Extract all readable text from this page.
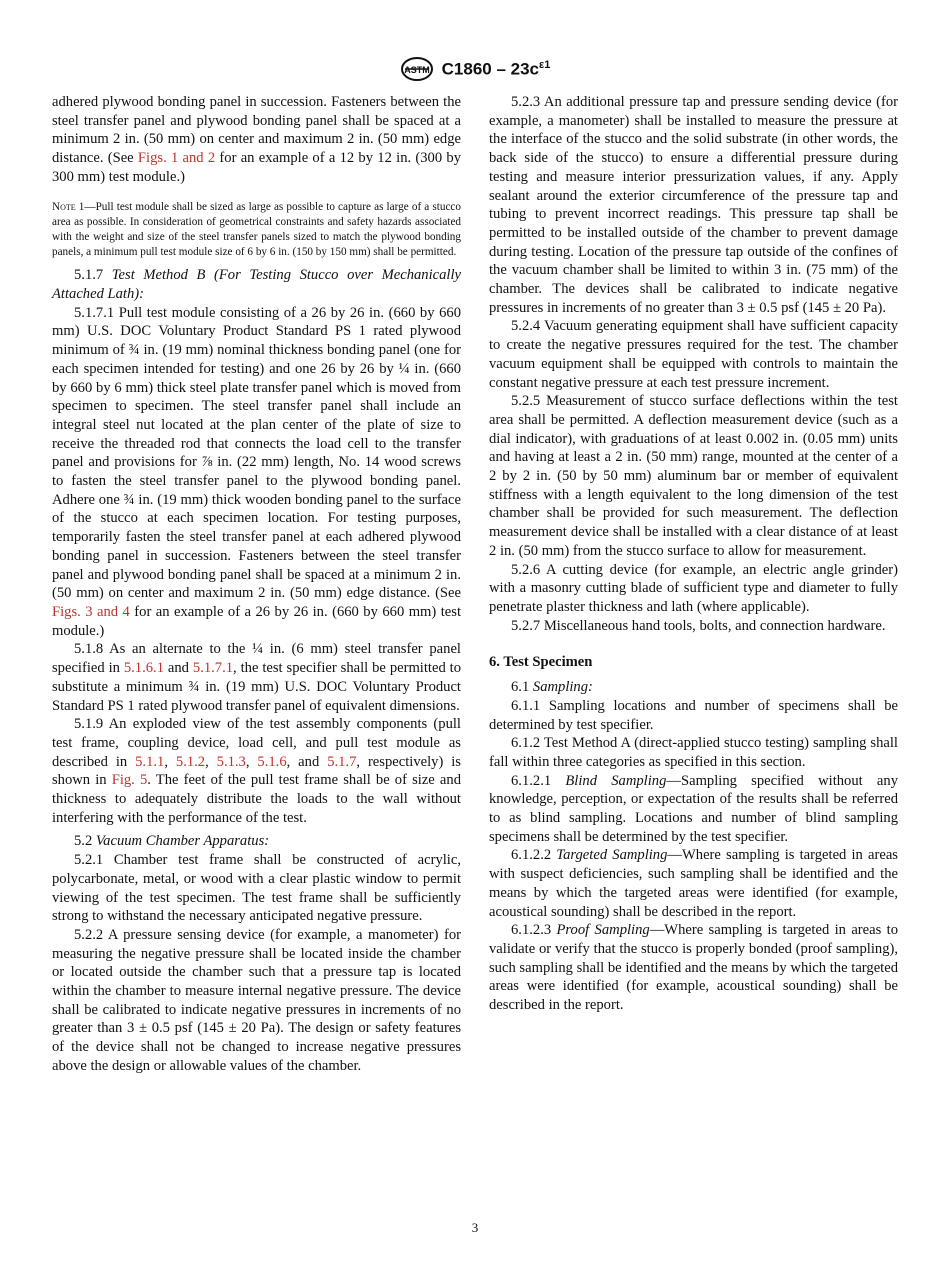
ASTM $C1860 - 23c^{\varepsilon 1}$

adhered plywood bonding panel in succession. Fasteners between the steel transfer panel and plywood bonding panel shall be spaced at a minimum 2 in. (50 mm) on center and maximum 2 in. (50 mm) edge distance. (See Figs. 1 and 2 for an example of a 12 by 12 in. (300 by 300 mm) test module.)

Note 1—Pull test module shall be sized as large as possible to capture as large of a stucco area as possible. In consideration of geometrical constraints and safety hazards associated with the weight and size of the steel transfer panels sized to match the plywood bonding panels, a minimum pull test module size of 6 by 6 in. (150 by 150 mm) shall be permitted.

5.1.7 Test Method B (For Testing Stucco over Mechanically Attached Lath):

5.1.7.1 Pull test module consisting of a 26 by 26 in. (660 by 660 mm) U.S. DOC Voluntary Product Standard PS 1 rated plywood minimum of ¾ in. (19 mm) nominal thickness bonding panel (one for each specimen intended for testing) and one 26 by 26 by ¼ in. (660 by 660 by 6 mm) thick steel plate transfer panel which is moved from specimen to specimen. The steel transfer panel shall include an integral steel nut located at the plan center of the plate of size to receive the threaded rod that connects the load cell to the transfer panel and provisions for ⅞ in. (22 mm) length, No. 14 wood screws to fasten the steel transfer panel to the plywood bonding panel. Adhere one ¾ in. (19 mm) thick wooden bonding panel to the surface of the stucco at each specimen location. For testing purposes, temporarily fasten the steel transfer panel at each adhered plywood bonding panel in succession. Fasteners between the steel transfer panel and plywood bonding panel shall be spaced at a minimum 2 in. (50 mm) on center and maximum 2 in. (50 mm) edge distance. (See Figs. 3 and 4 for an example of a 26 by 26 in. (660 by 660 mm) test module.)

5.1.8 As an alternate to the ¼ in. (6 mm) steel transfer panel specified in 5.1.6.1 and 5.1.7.1, the test specifier shall be permitted to substitute a minimum ¾ in. (19 mm) U.S. DOC Voluntary Product Standard PS 1 rated plywood transfer panel of equivalent dimensions.

5.1.9 An exploded view of the test assembly components (pull test frame, coupling device, load cell, and pull test module as described in 5.1.1, 5.1.2, 5.1.3, 5.1.6, and 5.1.7, respectively) is shown in Fig. 5. The feet of the pull test frame shall be of size and thickness to adequately distribute the loads to the wall without interfering with the performance of the test.

5.2 Vacuum Chamber Apparatus:

5.2.1 Chamber test frame shall be constructed of acrylic, polycarbonate, metal, or wood with a clear plastic window to permit viewing of the test specimen. The test frame shall be sufficiently strong to withstand the necessary anticipated negative pressure.

5.2.2 A pressure sensing device (for example, a manometer) for measuring the negative pressure shall be located inside the chamber or located outside the chamber such that a pressure tap is located within the chamber to measure internal negative pressure. The device shall be calibrated to indicate negative pressures in increments of no greater than 3 ± 0.5 psf (145 ± 20 Pa). The design or safety features of the device shall not be changed to increase negative pressures above the design or allowable values of the chamber.

5.2.3 An additional pressure tap and pressure sending device (for example, a manometer) shall be installed to measure the pressure at the interface of the stucco and the solid substrate (in other words, the back side of the stucco) to ensure a differential pressure during testing and measure interior pressurization values, if any. Apply sealant around the exterior circumference of the pressure tap and tubing to prevent incorrect readings. This pressure tap shall be permitted to be installed outside of the chamber to prevent damage during testing. Location of the pressure tap outside of the confines of the vacuum chamber shall be limited to within 3 in. (75 mm) of the chamber. The devices shall be calibrated to indicate negative pressures in increments of no greater than 3 ± 0.5 psf (145 ± 20 Pa).

5.2.4 Vacuum generating equipment shall have sufficient capacity to create the negative pressures required for the test. The chamber vacuum equipment shall be equipped with controls to maintain the constant negative pressure at each test pressure increment.

5.2.5 Measurement of stucco surface deflections within the test area shall be permitted. A deflection measurement device (such as a dial indicator), with graduations of at least 0.002 in. (0.05 mm) units and having at least a 2 in. (50 mm) range, mounted at the center of a 2 by 2 in. (50 by 50 mm) aluminum bar or member of equivalent stiffness with a length equivalent to the long dimension of the test chamber shall be provided for such measurement. The deflection measurement device shall be installed with a clear distance of at least 2 in. (50 mm) from the stucco surface to allow for measurement.

5.2.6 A cutting device (for example, an electric angle grinder) with a masonry cutting blade of sufficient type and diameter to fully penetrate plaster thickness and lath (where applicable).

5.2.7 Miscellaneous hand tools, bolts, and connection hardware.

6. Test Specimen

6.1 Sampling:

6.1.1 Sampling locations and number of specimens shall be determined by test specifier.

6.1.2 Test Method A (direct-applied stucco testing) sampling shall fall within three categories as specified in this section.

6.1.2.1 Blind Sampling—Sampling specified without any knowledge, perception, or expectation of the results shall be referred to as blind sampling. Locations and number of blind sampling specimens shall be determined by the test specifier.

6.1.2.2 Targeted Sampling—Where sampling is targeted in areas with suspect deficiencies, such sampling shall be identified and the means by which the targeted areas were identified (for example, acoustical sounding) shall be described in the report.

6.1.2.3 Proof Sampling—Where sampling is targeted in areas to validate or verify that the stucco is properly bonded (proof sampling), such sampling shall be identified and the means by which the targeted areas were identified (for example, acoustical sounding) shall be described in the report.

3
